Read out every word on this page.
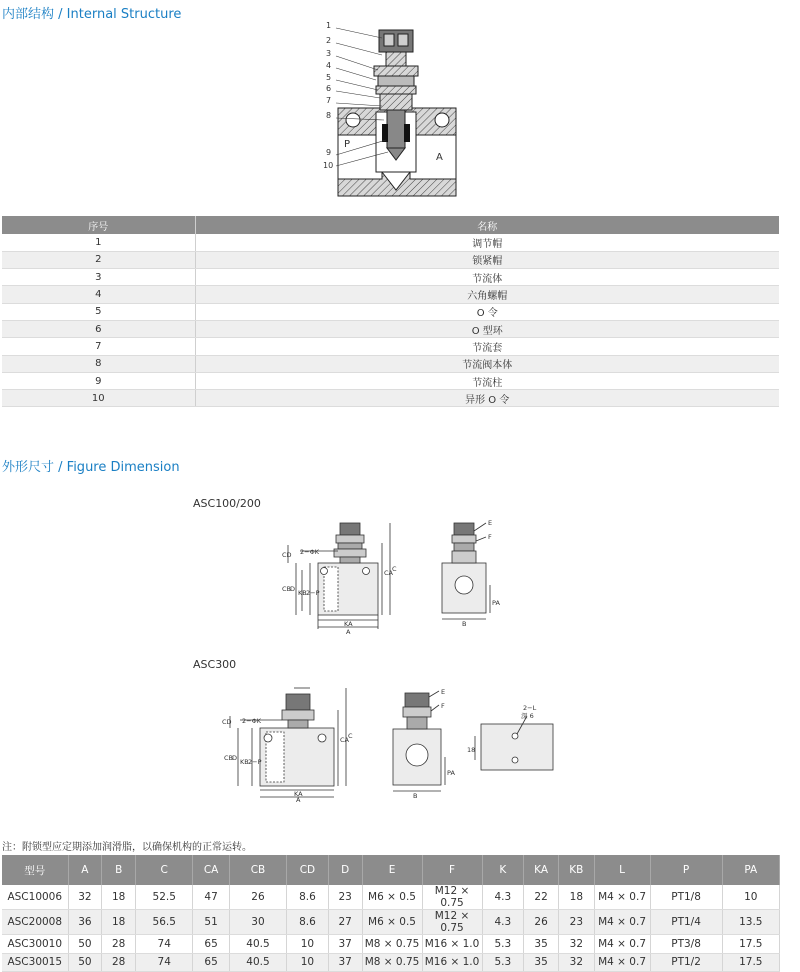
内部结构 / Internal Structure
1
2
3
4
5
6
7
8
9
10
P
A
序号	名称
1	调节帽
2	锁紧帽
3	节流体
4	六角螺帽
5	O 令
6	O 型环
7	节流套
8	节流阀本体
9	节流柱
10	异形 O 令
外形尺寸 / Figure Dimension
ASC100/200
ASC300
KA
A
2−ΦK
CA C
CD
CB D KB 2−P
B
E
F
PA
KA
A
2−ΦK
CA C
CD
CB D KB 2−P
B
E
F
PA
2−L
深 6
18
注：附锁型应定期添加润滑脂，以确保机构的正常运转。
型号	A	B	C	CA	CB	CD	D	E	F	K	KA	KB	L	P	PA
ASC10006	32	18	52.5	47	26	8.6	23	M6 × 0.5	M12 × 0.75	4.3	22	18	M4 × 0.7	PT1/8	10
ASC20008	36	18	56.5	51	30	8.6	27	M6 × 0.5	M12 × 0.75	4.3	26	23	M4 × 0.7	PT1/4	13.5
ASC30010	50	28	74	65	40.5	10	37	M8 × 0.75	M16 × 1.0	5.3	35	32	M4 × 0.7	PT3/8	17.5
ASC30015	50	28	74	65	40.5	10	37	M8 × 0.75	M16 × 1.0	5.3	35	32	M4 × 0.7	PT1/2	17.5
